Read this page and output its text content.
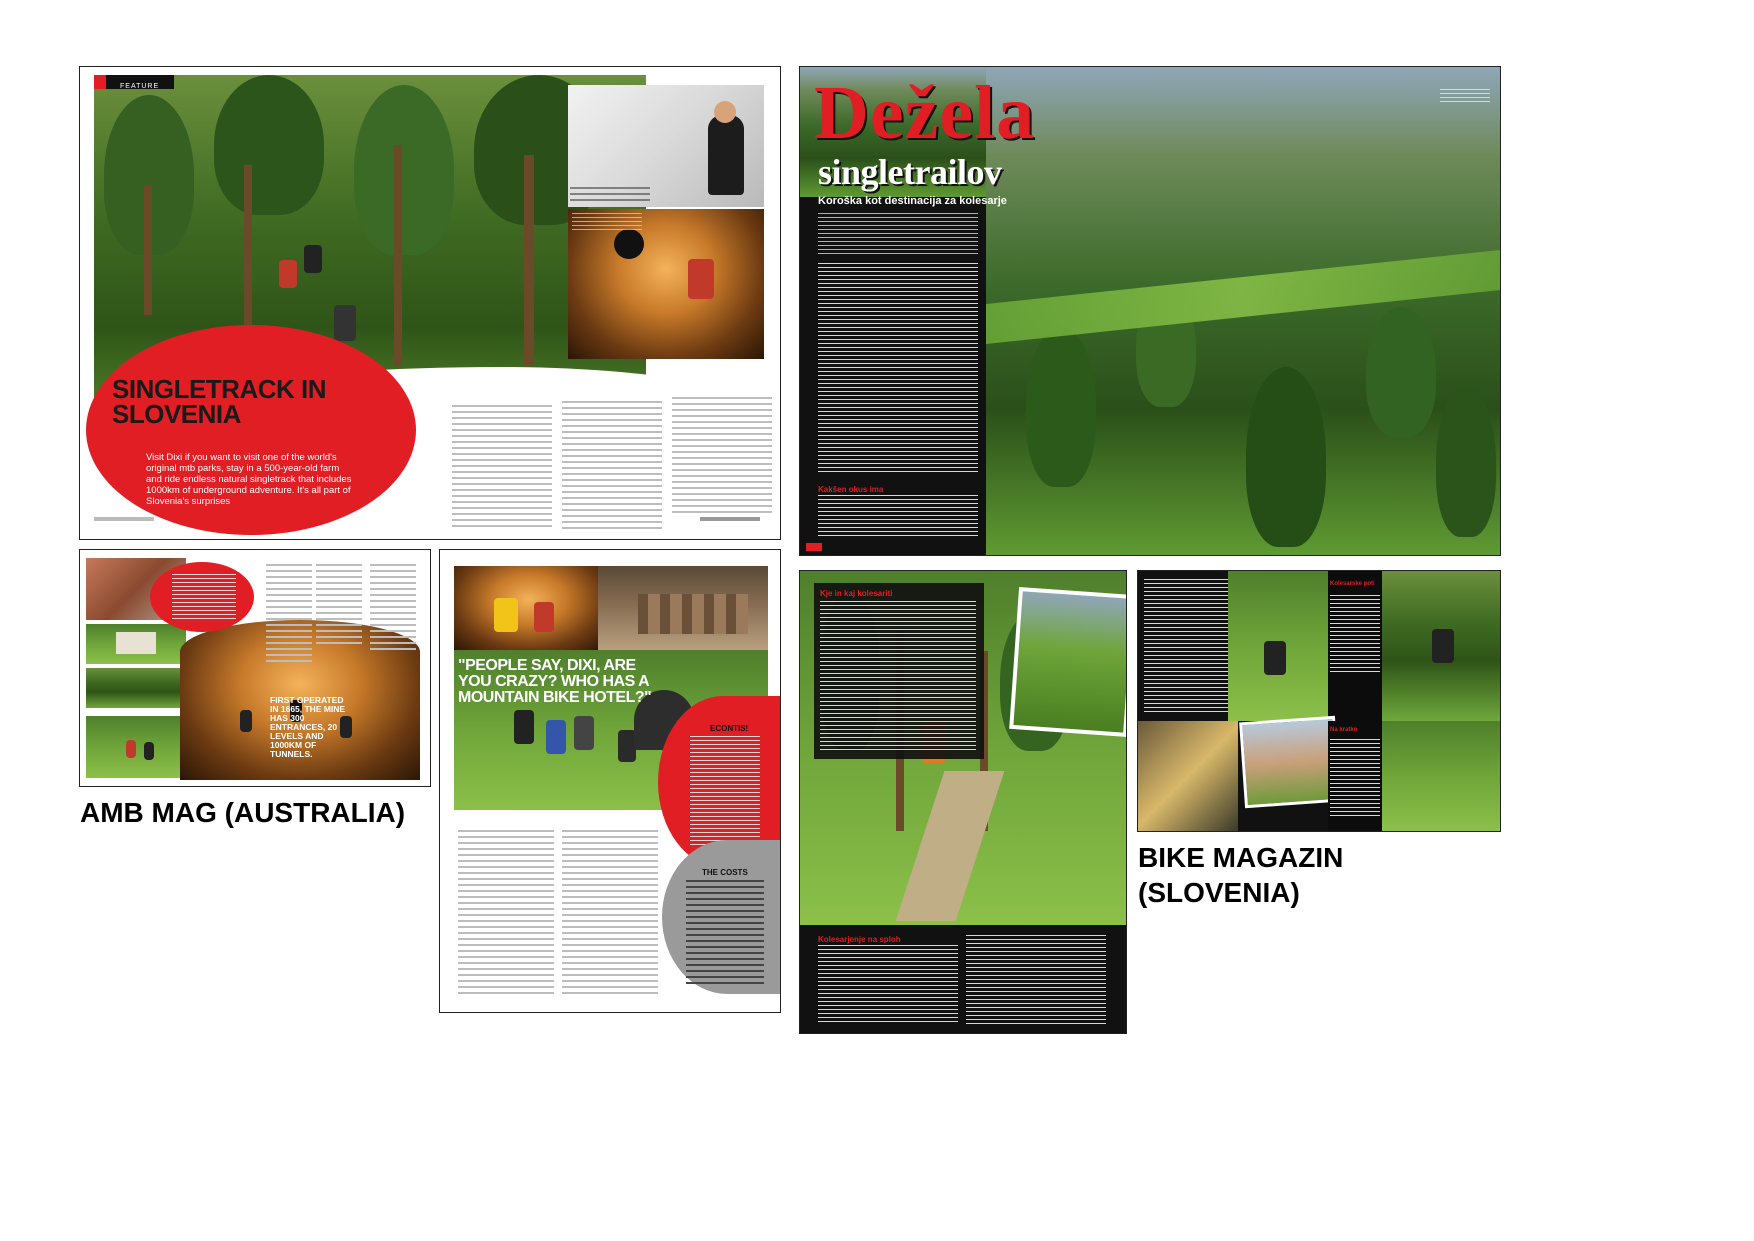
FEATURE
SINGLETRACK IN SLOVENIA
Visit Dixi if you want to visit one of the world's original mtb parks, stay in a 500-year-old farm and ride endless natural singletrack that includes 1000km of underground adventure. It's all part of Slovenia's surprises
FIRST OPERATED IN 1665, THE MINE HAS 300 ENTRANCES, 20 LEVELS AND 1000KM OF TUNNELS.
"PEOPLE SAY, DIXI, ARE YOU CRAZY? WHO HAS A MOUNTAIN BIKE HOTEL?"
ECONTIS!
THE COSTS
Dežela
singletrailov
Koroška kot destinacija za kolesarje
Kakšen okus ima
Kje in kaj kolesariti
Kolesarjenje na sploh
Kolesarske poti
Na kratko
AMB MAG (AUSTRALIA)
BIKE MAGAZIN
(SLOVENIA)
